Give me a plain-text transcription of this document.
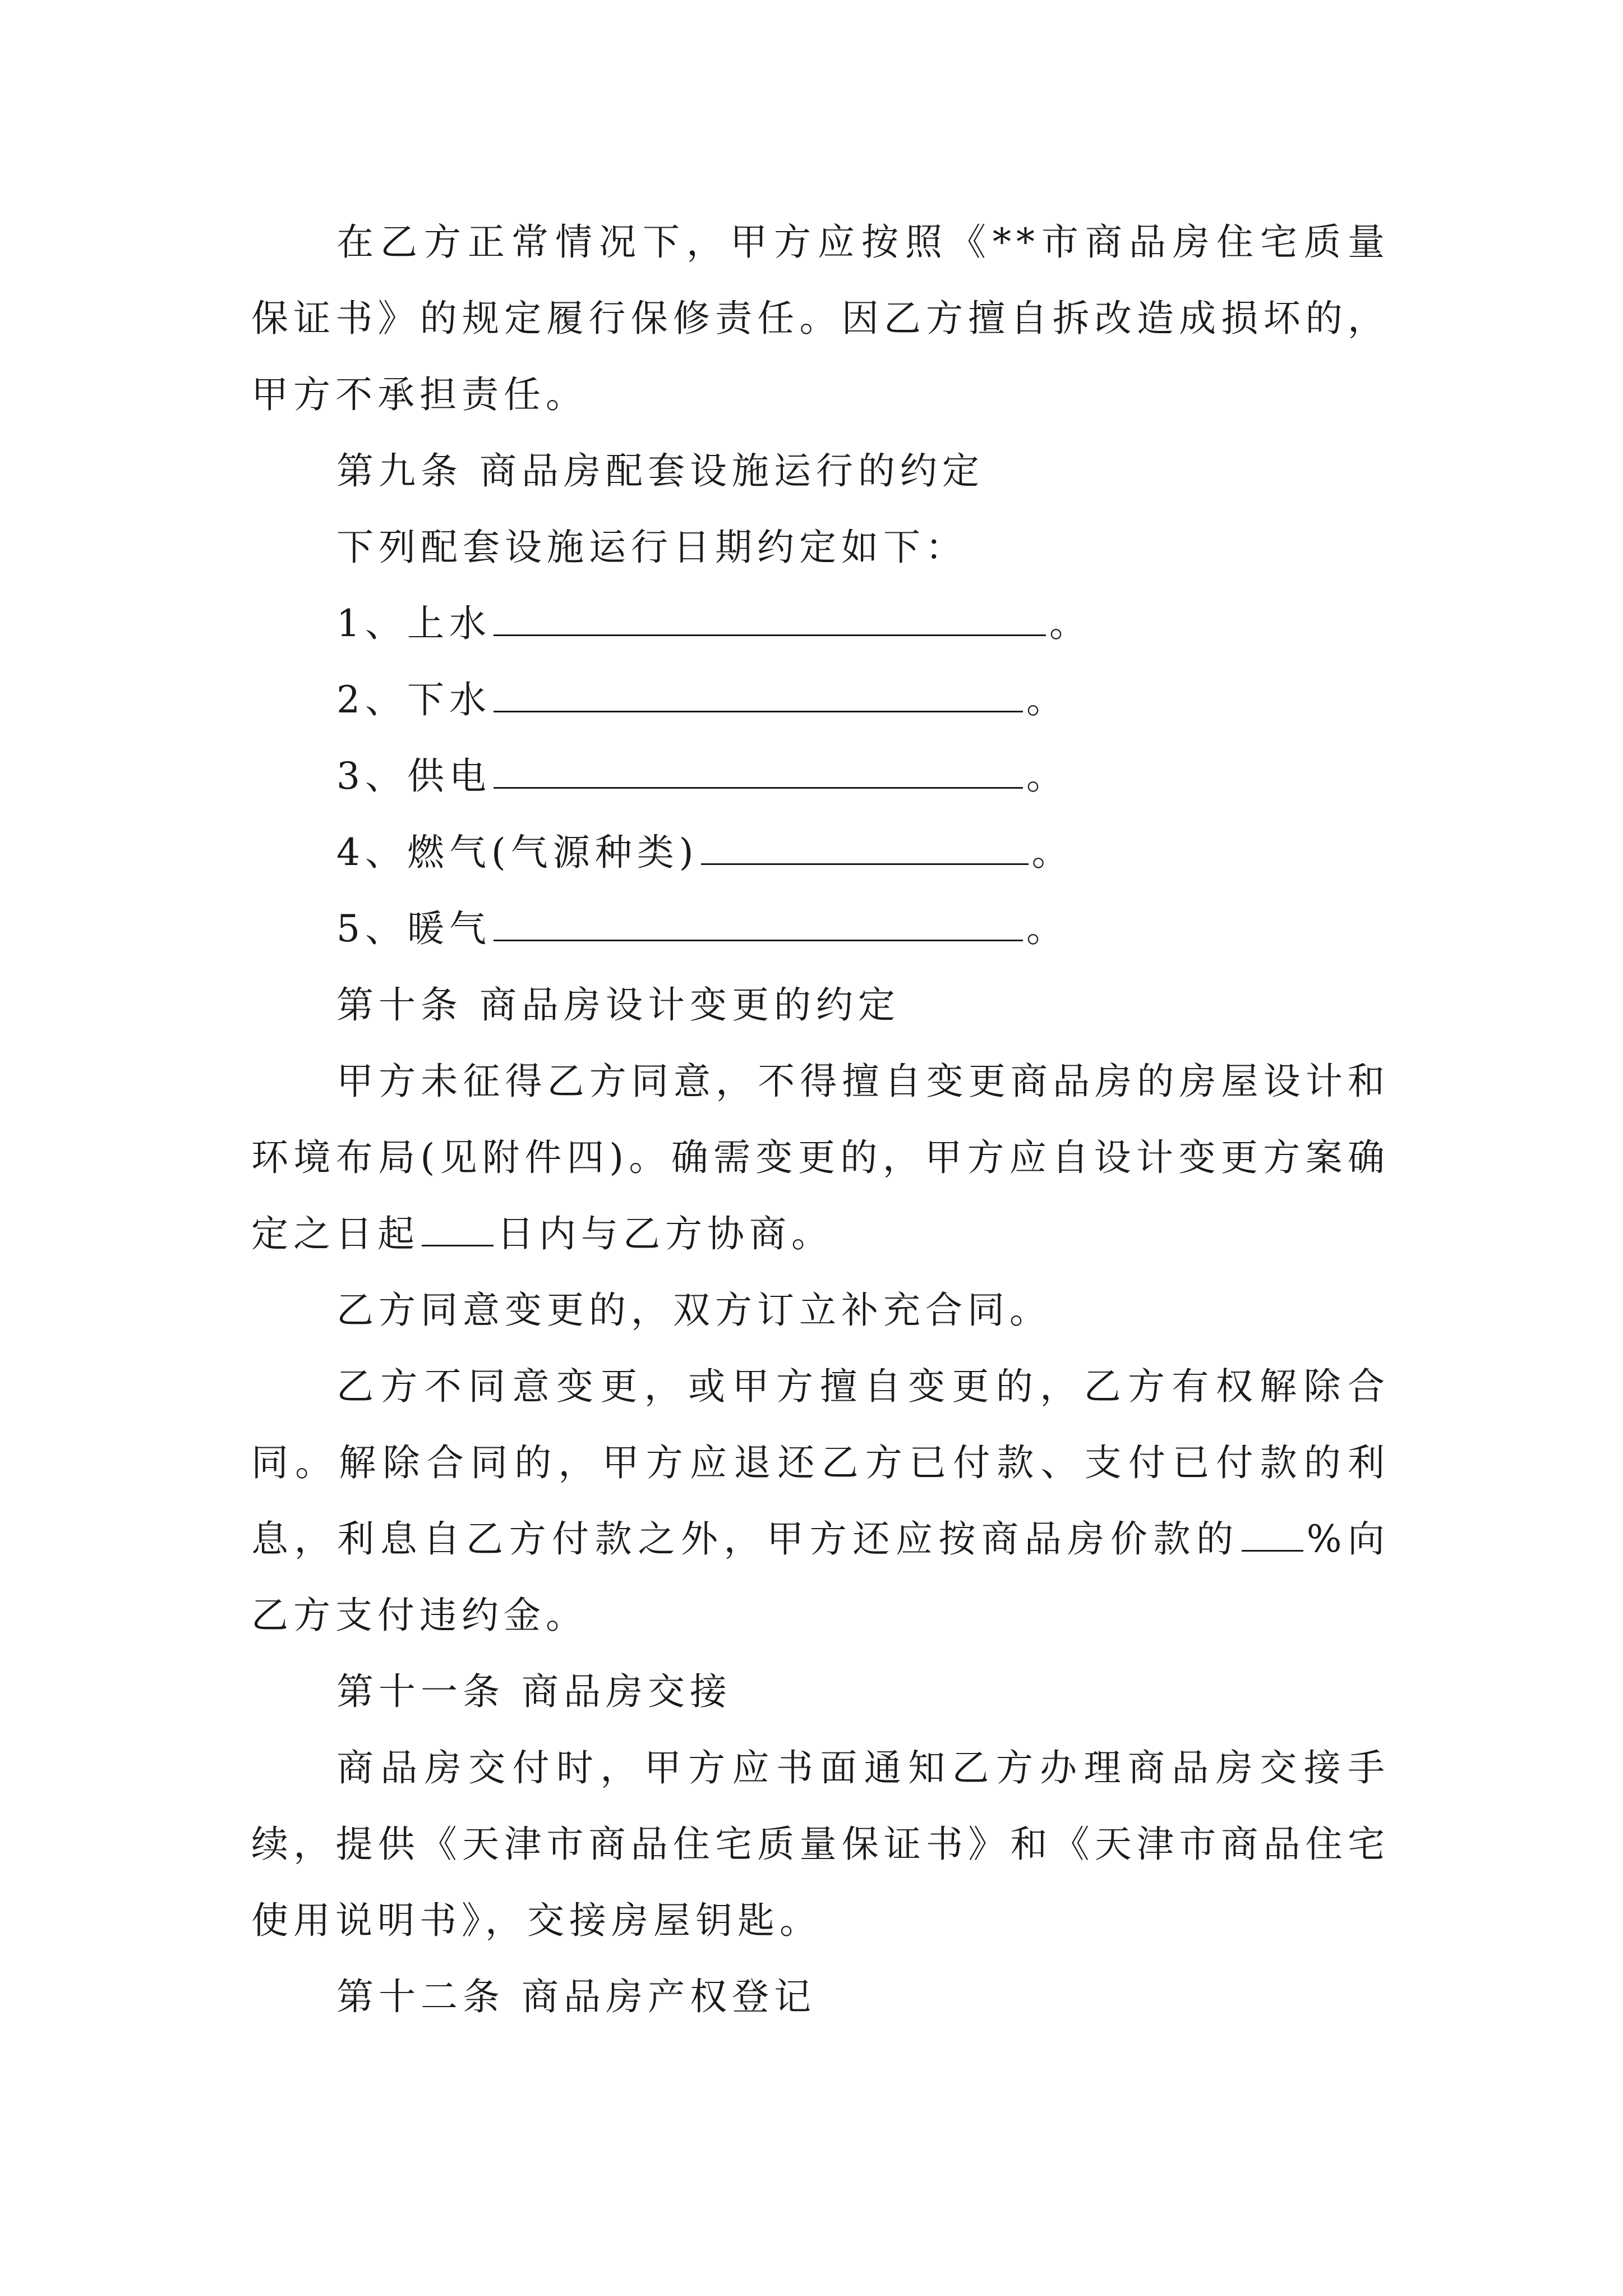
在乙方正常情况下，甲方应按照《**市商品房住宅质量保证书》的规定履行保修责任。因乙方擅自拆改造成损坏的，甲方不承担责任。

第九条 商品房配套设施运行的约定

下列配套设施运行日期约定如下：

1、上水	。

2、下水	。

3、供电	。

4、燃气(气源种类)	。

5、暖气	。

第十条 商品房设计变更的约定

甲方未征得乙方同意，不得擅自变更商品房的房屋设计和环境布局(见附件四)。确需变更的，甲方应自设计变更方案确定之日起 日内与乙方协商。

乙方同意变更的，双方订立补充合同。

乙方不同意变更，或甲方擅自变更的，乙方有权解除合同。解除合同的，甲方应退还乙方已付款、支付已付款的利息，利息自乙方付款之外，甲方还应按商品房价款的 %向乙方支付违约金。

第十一条 商品房交接

商品房交付时，甲方应书面通知乙方办理商品房交接手续，提供《天津市商品住宅质量保证书》和《天津市商品住宅使用说明书》，交接房屋钥匙。

第十二条 商品房产权登记
